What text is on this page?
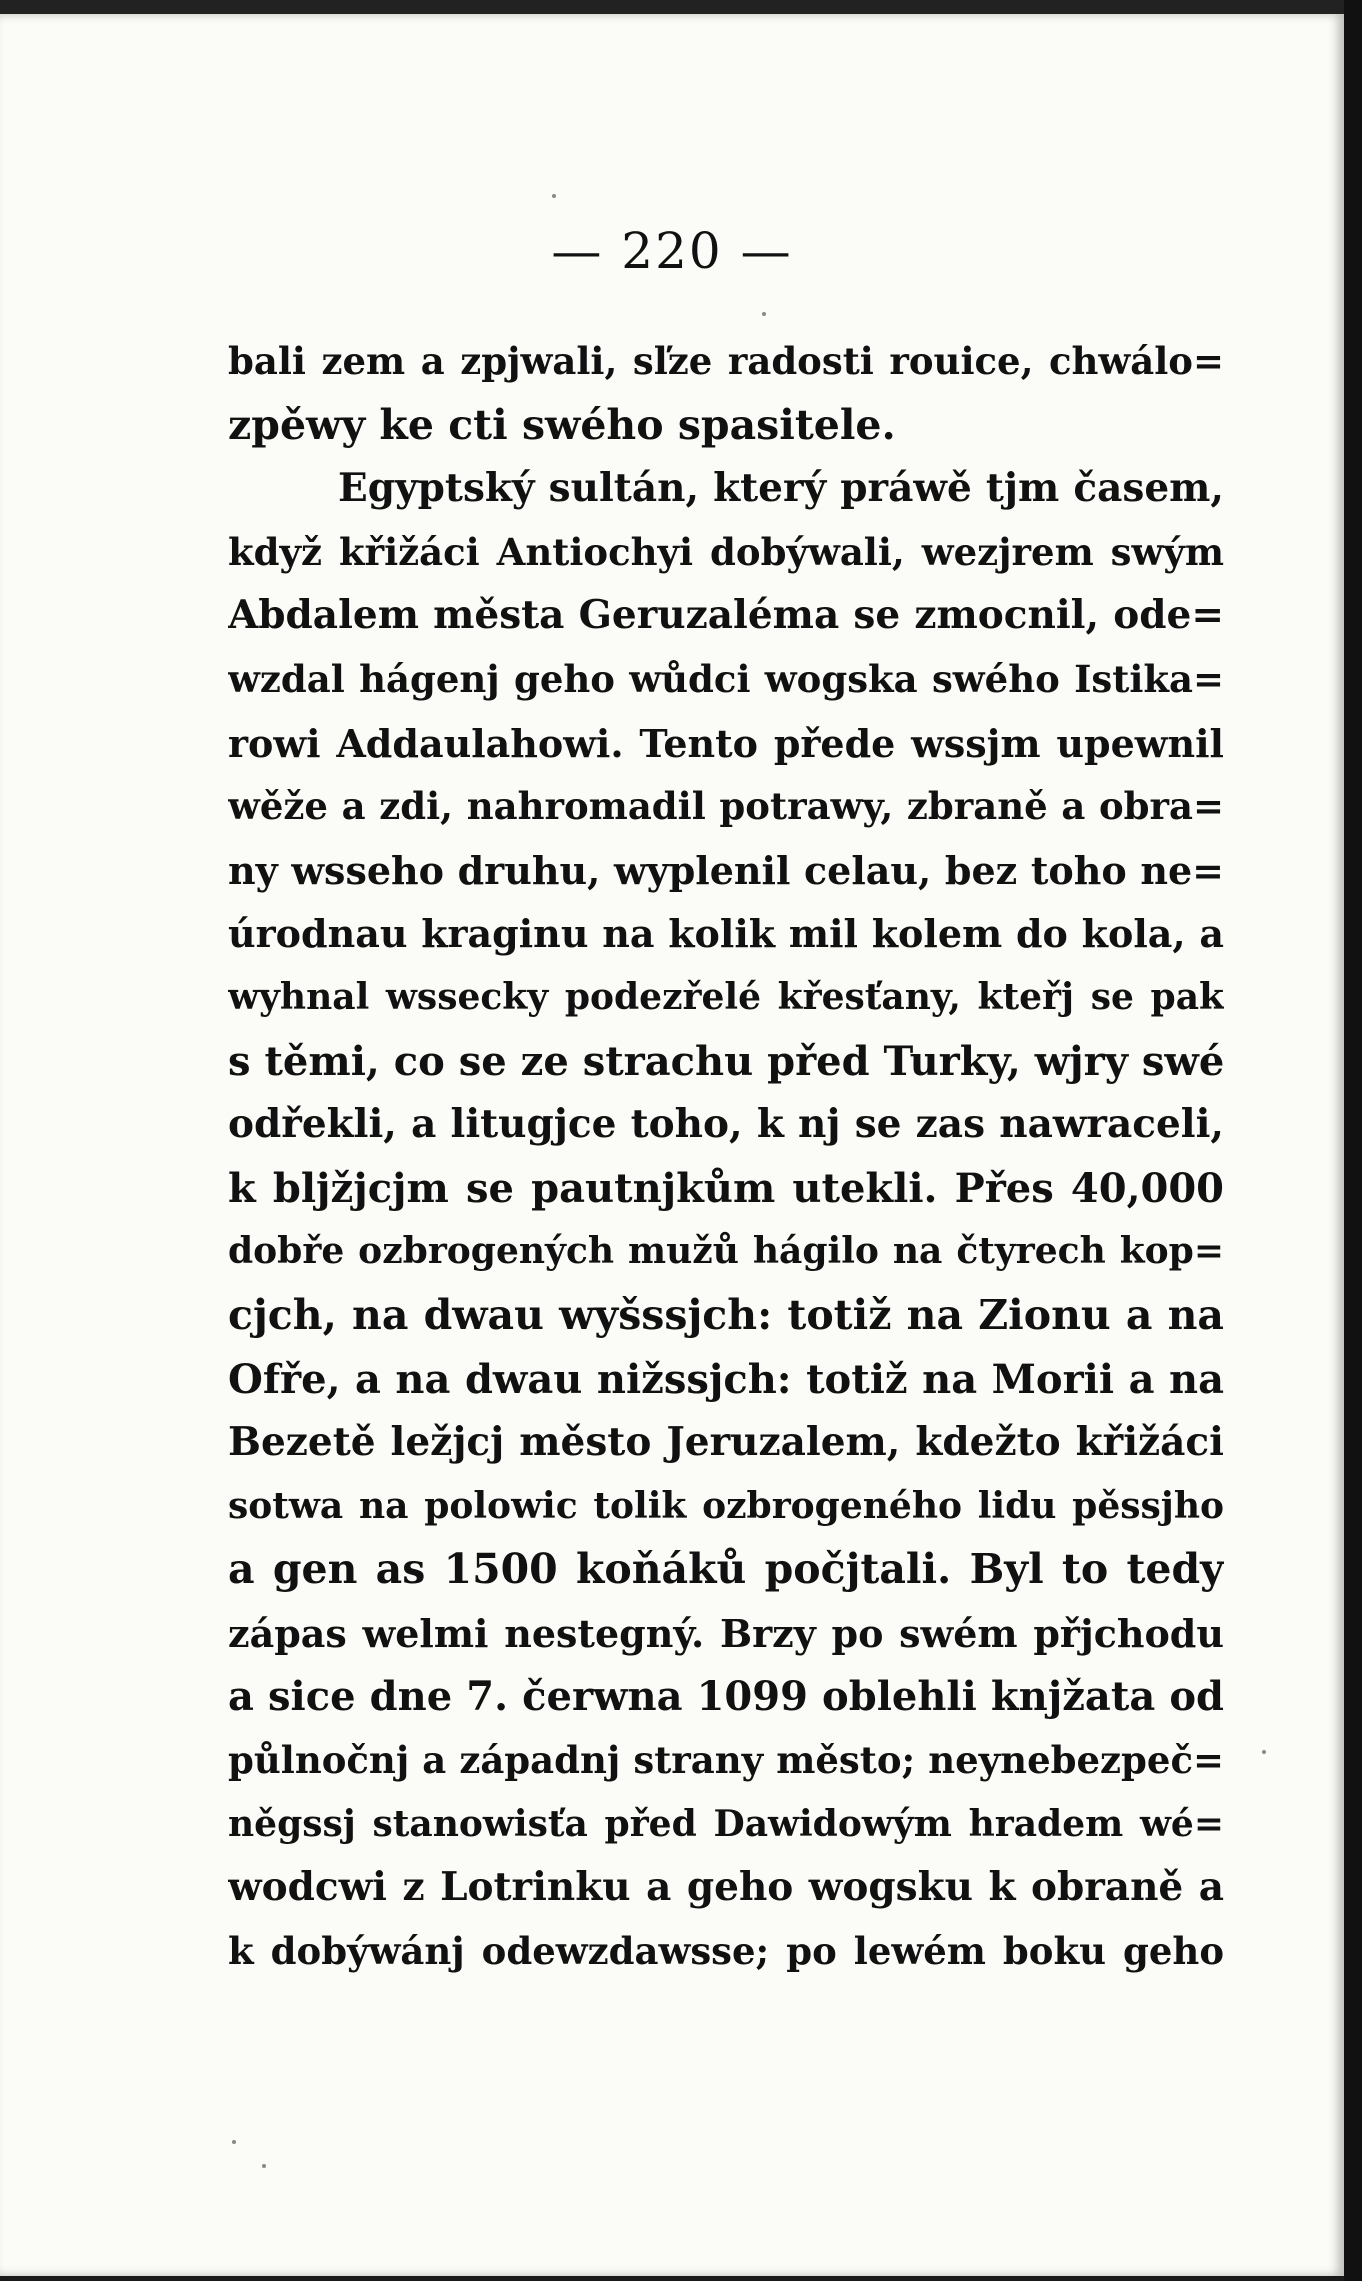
— 220 —
bali zem a zpjwali, sľze radosti rouice, chwálo=
zpěwy ke cti swého spasitele.
Egyptský sultán, který práwě tjm časem,
když křižáci Antiochyi dobýwali, wezjrem swým
Abdalem města Geruzaléma se zmocnil, ode=
wzdal hágenj geho wůdci wogska swého Istika=
rowi Addaulahowi. Tento přede wssjm upewnil
wěže a zdi, nahromadil potrawy, zbraně a obra=
ny wsseho druhu, wyplenil celau, bez toho ne=
úrodnau kraginu na kolik mil kolem do kola, a
wyhnal wssecky podezřelé křesťany, kteřj se pak
s těmi, co se ze strachu před Turky, wjry swé
odřekli, a litugjce toho, k nj se zas nawraceli,
k bljžjcjm se pautnjkům utekli. Přes 40,000
dobře ozbrogených mužů hágilo na čtyrech kop=
cjch, na dwau wyšssjch: totiž na Zionu a na
Ofře, a na dwau nižssjch: totiž na Morii a na
Bezetě ležjcj město Jeruzalem, kdežto křižáci
sotwa na polowic tolik ozbrogeného lidu pěssjho
a gen as 1500 koňáků počjtali. Byl to tedy
zápas welmi nestegný. Brzy po swém přjchodu
a sice dne 7. čerwna 1099 oblehli knjžata od
půlnočnj a západnj strany město; neynebezpeč=
něgssj stanowisťa před Dawidowým hradem wé=
wodcwi z Lotrinku a geho wogsku k obraně a
k dobýwánj odewzdawsse; po lewém boku geho
